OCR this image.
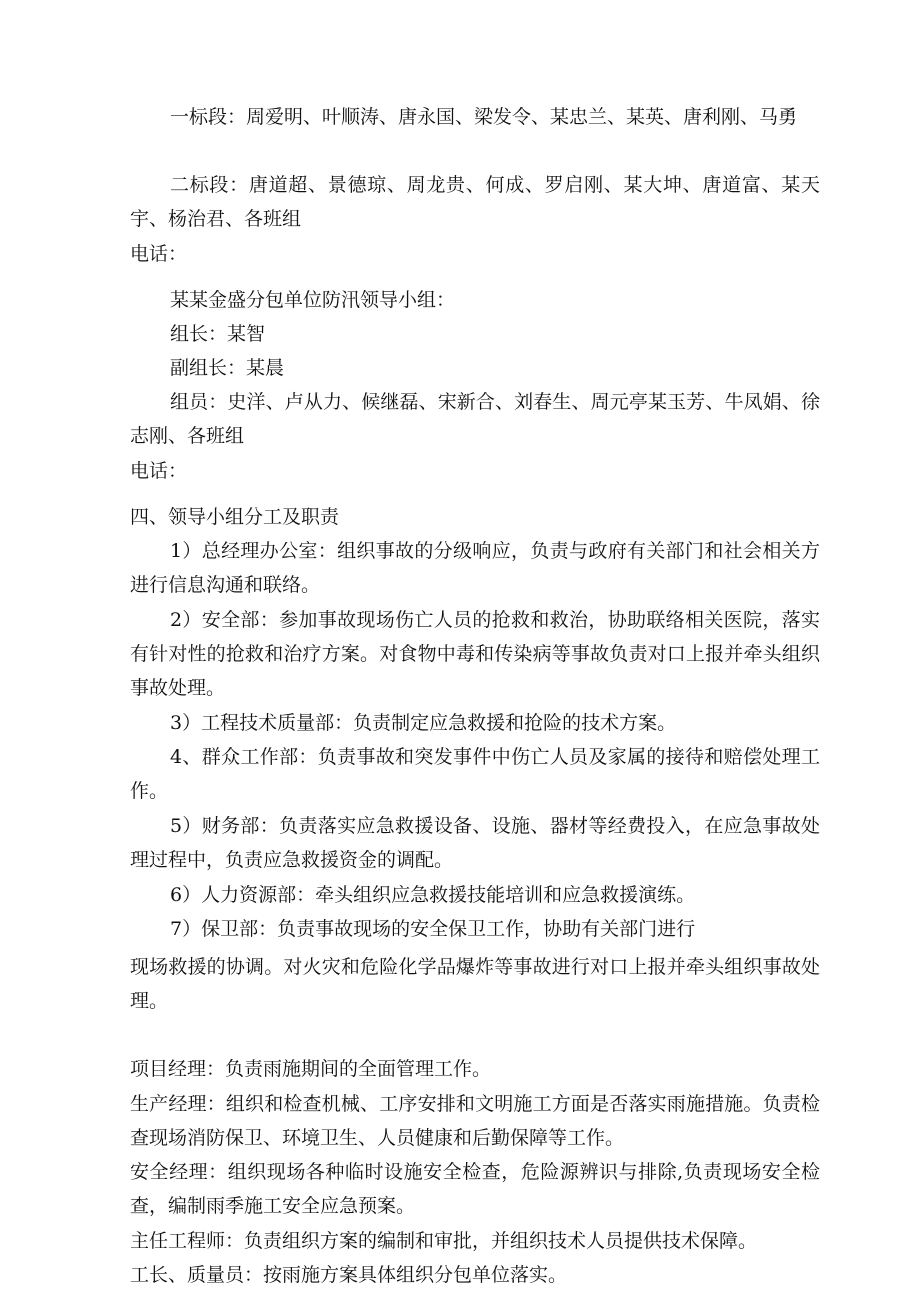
一标段：周爱明、叶顺涛、唐永国、梁发令、某忠兰、某英、唐利刚、马勇

二标段：唐道超、景德琼、周龙贵、何成、罗启刚、某大坤、唐道富、某天宇、杨治君、各班组

电话：

某某金盛分包单位防汛领导小组：

组长：某智

副组长：某晨

组员：史洋、卢从力、候继磊、宋新合、刘春生、周元亭某玉芳、牛凤娟、徐志刚、各班组

电话：

四、领导小组分工及职责

1）总经理办公室：组织事故的分级响应，负责与政府有关部门和社会相关方进行信息沟通和联络。

2）安全部：参加事故现场伤亡人员的抢救和救治，协助联络相关医院，落实有针对性的抢救和治疗方案。对食物中毒和传染病等事故负责对口上报并牵头组织事故处理。

3）工程技术质量部：负责制定应急救援和抢险的技术方案。

4、群众工作部：负责事故和突发事件中伤亡人员及家属的接待和赔偿处理工作。

5）财务部：负责落实应急救援设备、设施、器材等经费投入，在应急事故处理过程中，负责应急救援资金的调配。

6）人力资源部：牵头组织应急救援技能培训和应急救援演练。

7）保卫部：负责事故现场的安全保卫工作，协助有关部门进行

现场救援的协调。对火灾和危险化学品爆炸等事故进行对口上报并牵头组织事故处理。

项目经理：负责雨施期间的全面管理工作。

生产经理：组织和检查机械、工序安排和文明施工方面是否落实雨施措施。负责检查现场消防保卫、环境卫生、人员健康和后勤保障等工作。

安全经理：组织现场各种临时设施安全检查，危险源辨识与排除,负责现场安全检查，编制雨季施工安全应急预案。

主任工程师：负责组织方案的编制和审批，并组织技术人员提供技术保障。

工长、质量员：按雨施方案具体组织分包单位落实。
